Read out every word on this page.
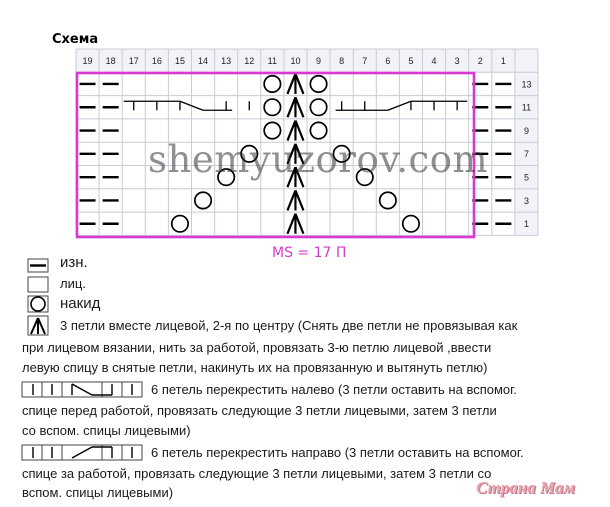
Схема
19 18 17 16 15 14 13 12 11 10 9 8 7 6 5 4 3 2 1
13
11
9
7
5
3
1
shemyuzorov.com
MS = 17 П
изн.
лиц.
накид
3 петли вместе лицевой, 2-я по центру (Снять две петли не провязывая как
при лицевом вязании, нить за работой, провязать 3-ю петлю лицевой ,ввести
левую спицу в снятые петли, накинуть их на провязанную и вытянуть петлю)
6 петель перекрестить налево (3 петли оставить на вспомог.
спице перед работой, провязать следующие 3 петли лицевыми, затем 3 петли
со вспом. спицы лицевыми)
6 петель перекрестить направо (3 петли оставить на вспомог.
спице за работой, провязать следующие 3 петли лицевыми, затем 3 петли со
вспом. спицы лицевыми)	Страна Мам
